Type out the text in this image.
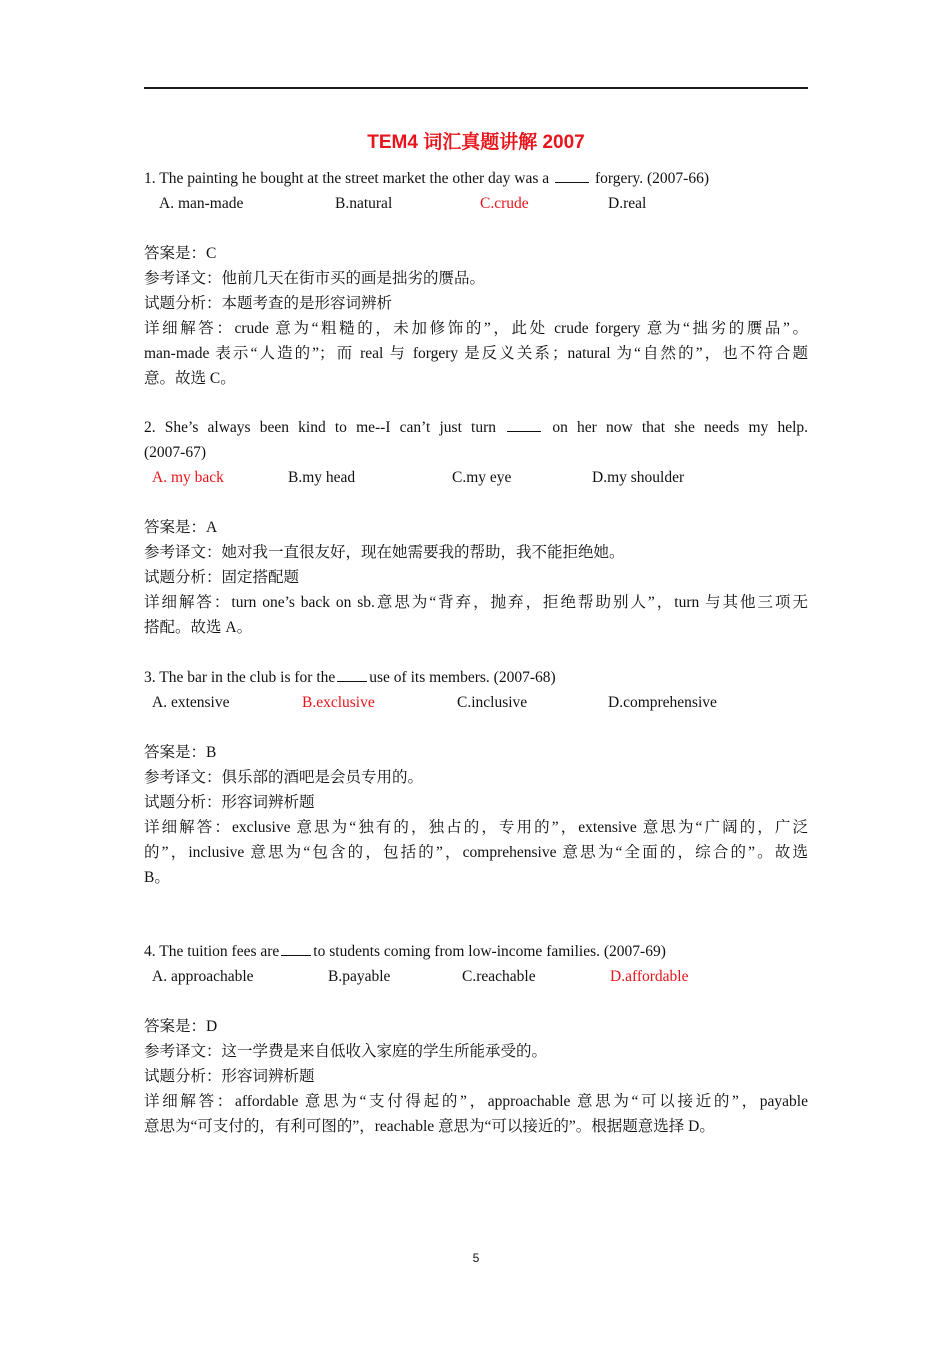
TEM4 词汇真题讲解 2007
1. The painting he bought at the street market the other day was a	forgery. (2007-66)
A. man-made	B.natural	C.crude	D.real
答案是：C
参考译文：他前几天在街市买的画是拙劣的赝品。
试题分析：本题考查的是形容词辨析
详细解答：crude 意为“粗糙的，未加修饰的”，此处 crude forgery 意为“拙劣的赝品”。
man-made 表示“人造的”；而 real 与 forgery 是反义关系；natural 为“自然的”，也不符合题
意。故选 C。
2. She’s always been kind to me--I can’t just turn	on her now that she needs my help.
(2007-67)
A. my back	B.my head	C.my eye	D.my shoulder
答案是：A
参考译文：她对我一直很友好，现在她需要我的帮助，我不能拒绝她。
试题分析：固定搭配题
详细解答：turn one’s back on sb.意思为“背弃，抛弃，拒绝帮助别人”，turn 与其他三项无
搭配。故选 A。
3. The bar in the club is for the use of its members. (2007-68)
A. extensive	B.exclusive	C.inclusive	D.comprehensive
答案是：B
参考译文：俱乐部的酒吧是会员专用的。
试题分析：形容词辨析题
详细解答：exclusive 意思为“独有的，独占的，专用的”，extensive 意思为“广阔的，广泛
的”，inclusive 意思为“包含的，包括的”，comprehensive 意思为“全面的，综合的”。故选
B。
4. The tuition fees are to students coming from low-income families. (2007-69)
A. approachable	B.payable	C.reachable	D.affordable
答案是：D
参考译文：这一学费是来自低收入家庭的学生所能承受的。
试题分析：形容词辨析题
详细解答：affordable 意思为“支付得起的”，approachable 意思为“可以接近的”，payable
意思为“可支付的，有利可图的”，reachable 意思为“可以接近的”。根据题意选择 D。
5
